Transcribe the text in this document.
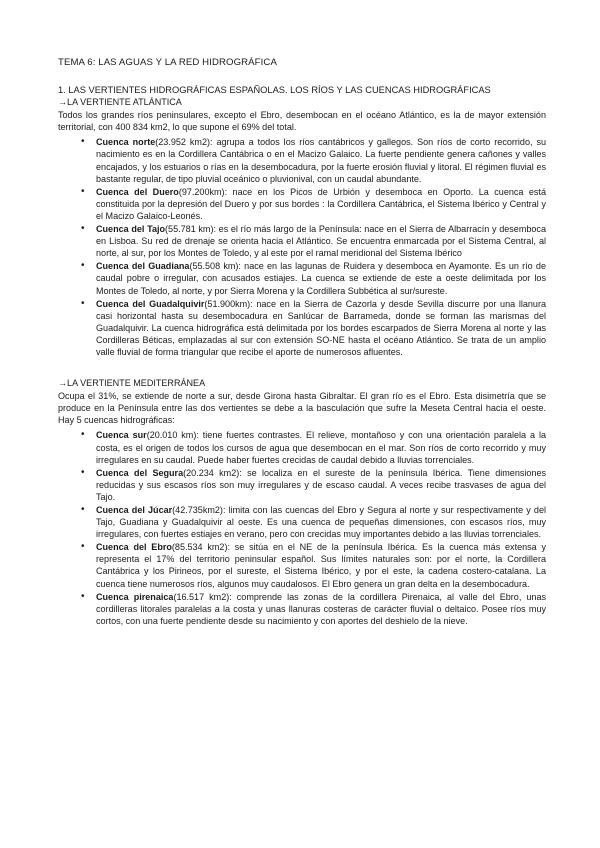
TEMA 6: LAS AGUAS Y LA RED HIDROGRÁFICA
1. LAS VERTIENTES HIDROGRÁFICAS ESPAÑOLAS. LOS RÍOS Y LAS CUENCAS HIDROGRÁFICAS
→LA VERTIENTE ATLÁNTICA

Todos los grandes ríos peninsulares, excepto el Ebro, desembocan en el océano Atlántico, es la de mayor extensión territorial, con 400 834 km2, lo que supone el 69% del total.

• Cuenca norte(23.952 km2): agrupa a todos los ríos cantábricos y gallegos. Son ríos de corto recorrido, su nacimiento es en la Cordillera Cantábrica o en el Macizo Galaico. La fuerte pendiente genera cañones y valles encajados, y los estuarios o rías en la desembocadura, por la fuerte erosión fluvial y litoral. El régimen fluvial es bastante regular, de tipo pluvial oceánico o pluvionival, con un caudal abundante.
• Cuenca del Duero(97.200km): nace en los Picos de Urbión y desemboca en Oporto. La cuenca está constituida por la depresión del Duero y por sus bordes : la Cordillera Cantábrica, el Sistema Ibérico y Central y el Macizo Galaico-Leonés.
• Cuenca del Tajo(55.781 km): es el río más largo de la Península: nace en el Sierra de Albarracín y desemboca en Lisboa. Su red de drenaje se orienta hacia el Atlántico. Se encuentra enmarcada por el Sistema Central, al norte, al sur, por los Montes de Toledo, y al este por el ramal meridional del Sistema Ibérico
• Cuenca del Guadiana(55.508 km): nace en las lagunas de Ruidera y desemboca en Ayamonte. Es un río de caudal pobre o irregular, con acusados estiajes. La cuenca se extiende de este a oeste delimitada por los Montes de Toledo, al norte, y por Sierra Morena y la Cordillera Subbética al sur/sureste.
• Cuenca del Guadalquivir(51.900km): nace en la Sierra de Cazorla y desde Sevilla discurre por una llanura casi horizontal hasta su desembocadura en Sanlúcar de Barrameda, donde se forman las marismas del Guadalquivir. La cuenca hidrográfica está delimitada por los bordes escarpados de Sierra Morena al norte y las Cordilleras Béticas, emplazadas al sur con extensión SO-NE hasta el océano Atlántico. Se trata de un amplio valle fluvial de forma triangular que recibe el aporte de numerosos afluentes.
→LA VERTIENTE MEDITERRÁNEA

Ocupa el 31%, se extiende de norte a sur, desde Girona hasta Gibraltar. El gran río es el Ebro. Esta disimetría que se produce en la Península entre las dos vertientes se debe a la basculación que sufre la Meseta Central hacia el oeste. Hay 5 cuencas hidrográficas:

• Cuenca sur(20.010 km): tiene fuertes contrastes. El relieve, montañoso y con una orientación paralela a la costa, es el origen de todos los cursos de agua que desembocan en el mar. Son ríos de corto recorrido y muy irregulares en su caudal. Puede haber fuertes crecidas de caudal debido a lluvias torrenciales.
• Cuenca del Segura(20.234 km2): se localiza en el sureste de la península Ibérica. Tiene dimensiones reducidas y sus escasos ríos son muy irregulares y de escaso caudal. A veces recibe trasvases de agua del Tajo.
• Cuenca del Júcar(42.735km2): limita con las cuencas del Ebro y Segura al norte y sur respectivamente y del Tajo, Guadiana y Guadalquivir al oeste. Es una cuenca de pequeñas dimensiones, con escasos ríos, muy irregulares, con fuertes estiajes en verano, pero con crecidas muy importantes debido a las lluvias torrenciales.
• Cuenca del Ebro(85.534 km2): se sitúa en el NE de la península Ibérica. Es la cuenca más extensa y representa el 17% del territorio peninsular español. Sus límites naturales son: por el norte, la Cordillera Cantábrica y los Pirineos, por el sureste, el Sistema Ibérico, y por el este, la cadena costero-catalana. La cuenca tiene numerosos ríos, algunos muy caudalosos. El Ebro genera un gran delta en la desembocadura.
• Cuenca pirenaica(16.517 km2): comprende las zonas de la cordillera Pirenaica, al valle del Ebro, unas cordilleras litorales paralelas a la costa y unas llanuras costeras de carácter fluvial o deltaico. Posee ríos muy cortos, con una fuerte pendiente desde su nacimiento y con aportes del deshielo de la nieve.
